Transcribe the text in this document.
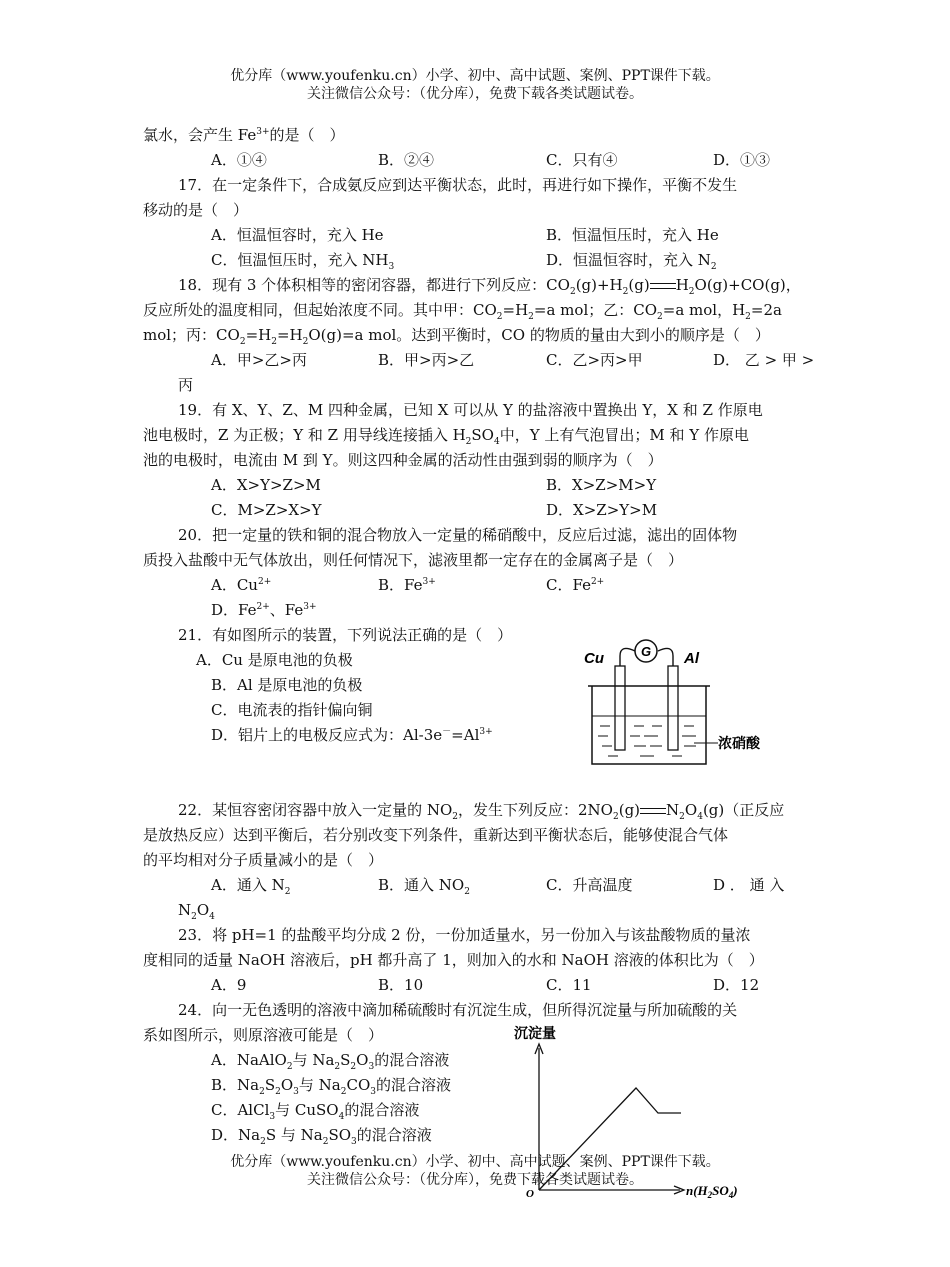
优分库（www.youfenku.cn）小学、初中、高中试题、案例、PPT课件下载。
关注微信公众号：（优分库），免费下载各类试题试卷。
氯水，会产生 $Fe^{3+}$的是（　）
A．①④	B．②④	C．只有④	D．①③
17．在一定条件下，合成氨反应到达平衡状态，此时，再进行如下操作，平衡不发生
移动的是（　）
A．恒温恒容时，充入 He	B．恒温恒压时，充入 He
C．恒温恒压时，充入 $NH_3$	D．恒温恒容时，充入 $N_2$
18．现有 3 个体积相等的密闭容器，都进行下列反应：$CO_2(g)+H_2(g)$ $H_2O(g)+CO(g)$，
反应所处的温度相同，但起始浓度不同。其中甲：$CO_2=H_2=a$ mol；乙：$CO_2=a$ mol，$H_2=2a$
mol；丙：$CO_2=H_2=H_2O(g)=a$ mol。达到平衡时，CO 的物质的量由大到小的顺序是（　）
A．甲>乙>丙	B．甲>丙>乙	C．乙>丙>甲	D． 乙 > 甲 >
丙
19．有 X、Y、Z、M 四种金属，已知 X 可以从 Y 的盐溶液中置换出 Y，X 和 Z 作原电
池电极时，Z 为正极；Y 和 Z 用导线连接插入 $H_2SO_4$中，Y 上有气泡冒出；M 和 Y 作原电
池的电极时，电流由 M 到 Y。则这四种金属的活动性由强到弱的顺序为（　）
A．X>Y>Z>M	B．X>Z>M>Y
C．M>Z>X>Y	D．X>Z>Y>M
20．把一定量的铁和铜的混合物放入一定量的稀硝酸中，反应后过滤，滤出的固体物
质投入盐酸中无气体放出，则任何情况下，滤液里都一定存在的金属离子是（　）
A．$Cu^{2+}$	B．$Fe^{3+}$	C．$Fe^{2+}$
D．$Fe^{2+}$、$Fe^{3+}$
21．有如图所示的装置，下列说法正确的是（　）
A．Cu 是原电池的负极
B．Al 是原电池的负极
C．电流表的指针偏向铜
D．铝片上的电极反应式为：$Al-3e^-=Al^{3+}$
Cu	Al
G
浓硝酸
22．某恒容密闭容器中放入一定量的 $NO_2$，发生下列反应：$2NO_2(g)$ $N_2O_4(g)$（正反应
是放热反应）达到平衡后，若分别改变下列条件，重新达到平衡状态后，能够使混合气体
的平均相对分子质量减小的是（　）
A．通入 $N_2$	B．通入 $NO_2$	C．升高温度	D ． 通 入
$N_2O_4$
23．将 pH=1 的盐酸平均分成 2 份，一份加适量水，另一份加入与该盐酸物质的量浓
度相同的适量 NaOH 溶液后，pH 都升高了 1，则加入的水和 NaOH 溶液的体积比为（　）
A．9	B．10	C．11	D．12
24．向一无色透明的溶液中滴加稀硫酸时有沉淀生成，但所得沉淀量与所加硫酸的关
系如图所示，则原溶液可能是（　）
A．NaAlO$_2$与 $Na_2S_2O_3$的混合溶液
B．$Na_2S_2O_3$与 $Na_2CO_3$的混合溶液
C．AlCl$_3$与 CuSO$_4$的混合溶液
D．$Na_2S$ 与 $Na_2SO_3$的混合溶液
沉淀量
O	$n(H_2SO_4)$
优分库（www.youfenku.cn）小学、初中、高中试题、案例、PPT课件下载。
关注微信公众号：（优分库），免费下载各类试题试卷。
